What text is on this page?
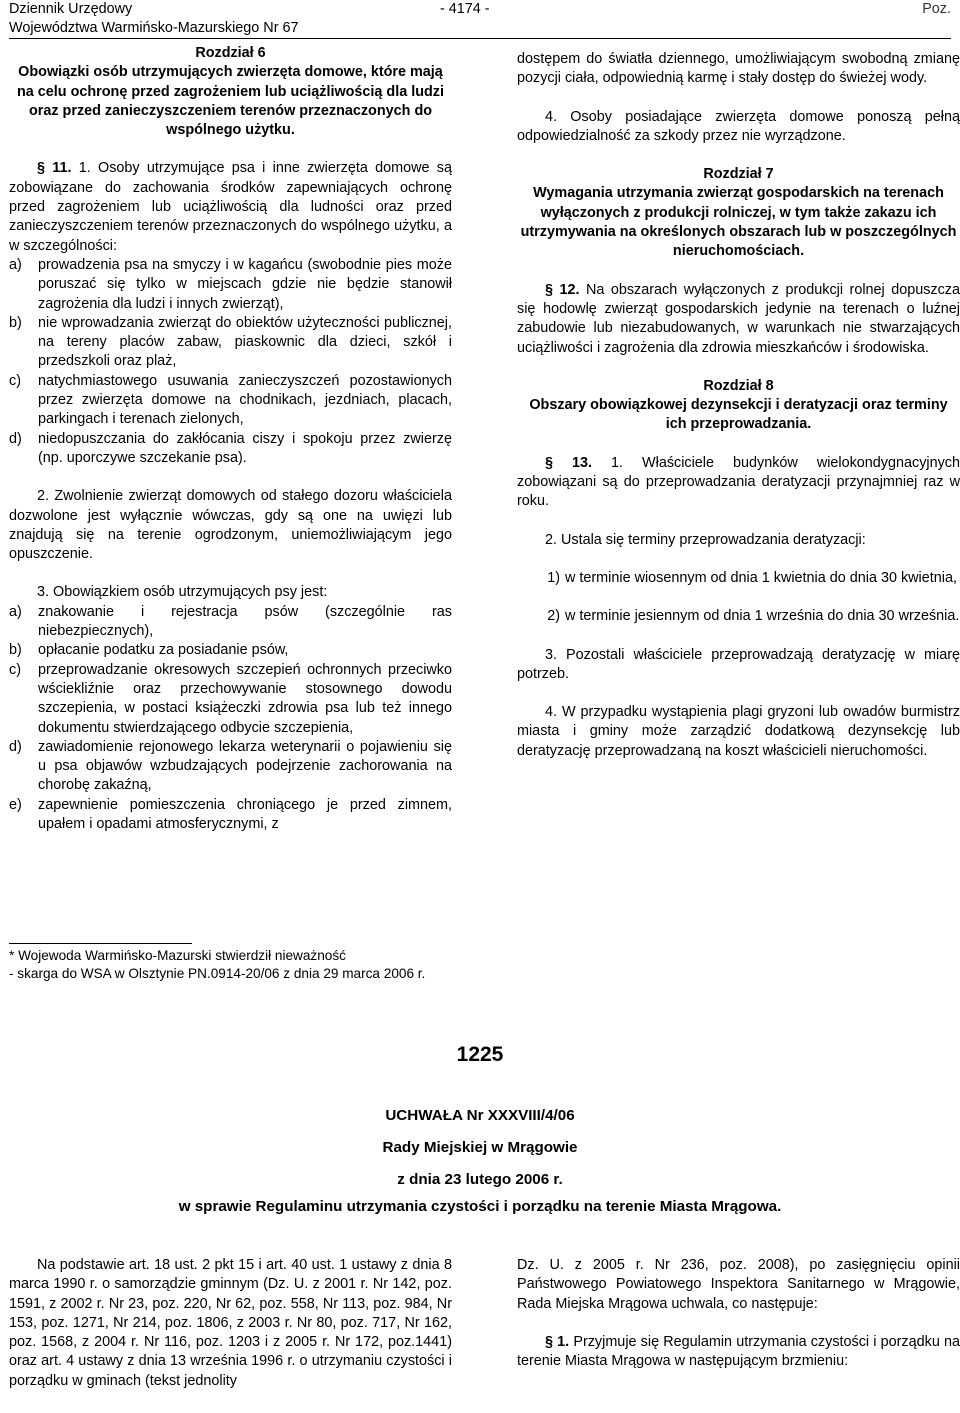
Dziennik Urzędowy
Województwa Warmińsko-Mazurskiego Nr 67
- 4174 -	Poz.
Rozdział 6
Obowiązki osób utrzymujących zwierzęta domowe, które mają na celu ochronę przed zagrożeniem lub uciążliwością dla ludzi oraz przed zanieczyszczeniem terenów przeznaczonych do wspólnego użytku.

§ 11. 1. Osoby utrzymujące psa i inne zwierzęta domowe są zobowiązane do zachowania środków zapewniających ochronę przed zagrożeniem lub uciążliwością dla ludności oraz przed zanieczyszczeniem terenów przeznaczonych do wspólnego użytku, a w szczególności:

a)	prowadzenia psa na smyczy i w kagańcu (swobodnie pies może poruszać się tylko w miejscach gdzie nie będzie stanowił zagrożenia dla ludzi i innych zwierząt),
b)	nie wprowadzania zwierząt do obiektów użyteczności publicznej, na tereny placów zabaw, piaskownic dla dzieci, szkół i przedszkoli oraz plaż,
c)	natychmiastowego usuwania zanieczyszczeń pozostawionych przez zwierzęta domowe na chodnikach, jezdniach, placach, parkingach i terenach zielonych,
d)	niedopuszczania do zakłócania ciszy i spokoju przez zwierzę (np. uporczywe szczekanie psa).

2. Zwolnienie zwierząt domowych od stałego dozoru właściciela dozwolone jest wyłącznie wówczas, gdy są one na uwięzi lub znajdują się na terenie ogrodzonym, uniemożliwiającym jego opuszczenie.

3. Obowiązkiem osób utrzymujących psy jest:

a)	znakowanie i rejestracja psów (szczególnie ras niebezpiecznych),
b)	opłacanie podatku za posiadanie psów,
c)	przeprowadzanie okresowych szczepień ochronnych przeciwko wściekliźnie oraz przechowywanie stosownego dowodu szczepienia, w postaci książeczki zdrowia psa lub też innego dokumentu stwierdzającego odbycie szczepienia,
d)	zawiadomienie rejonowego lekarza weterynarii o pojawieniu się u psa objawów wzbudzających podejrzenie zachorowania na chorobę zakaźną,
e)	zapewnienie pomieszczenia chroniącego je przed zimnem, upałem i opadami atmosferycznymi, z

dostępem do światła dziennego, umożliwiającym swobodną zmianę pozycji ciała, odpowiednią karmę i stały dostęp do świeżej wody.

4. Osoby posiadające zwierzęta domowe ponoszą pełną odpowiedzialność za szkody przez nie wyrządzone.

Rozdział 7
Wymagania utrzymania zwierząt gospodarskich na terenach wyłączonych z produkcji rolniczej, w tym także zakazu ich utrzymywania na określonych obszarach lub w poszczególnych nieruchomościach.

§ 12. Na obszarach wyłączonych z produkcji rolnej dopuszcza się hodowlę zwierząt gospodarskich jedynie na terenach o luźnej zabudowie lub niezabudowanych, w warunkach nie stwarzających uciążliwości i zagrożenia dla zdrowia mieszkańców i środowiska.

Rozdział 8
Obszary obowiązkowej dezynsekcji i deratyzacji oraz terminy ich przeprowadzania.

§ 13. 1. Właściciele budynków wielokondygnacyjnych zobowiązani są do przeprowadzania deratyzacji przynajmniej raz w roku.

2. Ustala się terminy przeprowadzania deratyzacji:

1) w terminie wiosennym od dnia 1 kwietnia do dnia 30 kwietnia,
2) w terminie jesiennym od dnia 1 września do dnia 30 września.

3. Pozostali właściciele przeprowadzają deratyzację w miarę potrzeb.

4. W przypadku wystąpienia plagi gryzoni lub owadów burmistrz miasta i gminy może zarządzić dodatkową dezynsekcję lub deratyzację przeprowadzaną na koszt właścicieli nieruchomości.

* Wojewoda Warmińsko-Mazurski stwierdził nieważność
- skarga do WSA w Olsztynie PN.0914-20/06 z dnia 29 marca 2006 r.
1225
UCHWAŁA Nr XXXVIII/4/06
Rady Miejskiej w Mrągowie
z dnia 23 lutego 2006 r.
w sprawie Regulaminu utrzymania czystości i porządku na terenie Miasta Mrągowa.

Na podstawie art. 18 ust. 2 pkt 15 i art. 40 ust. 1 ustawy z dnia 8 marca 1990 r. o samorządzie gminnym (Dz. U. z 2001 r. Nr 142, poz. 1591, z 2002 r. Nr 23, poz. 220, Nr 62, poz. 558, Nr 113, poz. 984, Nr 153, poz. 1271, Nr 214, poz. 1806, z 2003 r. Nr 80, poz. 717, Nr 162, poz. 1568, z 2004 r. Nr 116, poz. 1203 i z 2005 r. Nr 172, poz.1441) oraz art. 4 ustawy z dnia 13 września 1996 r. o utrzymaniu czystości i porządku w gminach (tekst jednolity

Dz. U. z 2005 r. Nr 236, poz. 2008), po zasięgnięciu opinii Państwowego Powiatowego Inspektora Sanitarnego w Mrągowie, Rada Miejska Mrągowa uchwala, co następuje:

§ 1. Przyjmuje się Regulamin utrzymania czystości i porządku na terenie Miasta Mrągowa w następującym brzmieniu:
